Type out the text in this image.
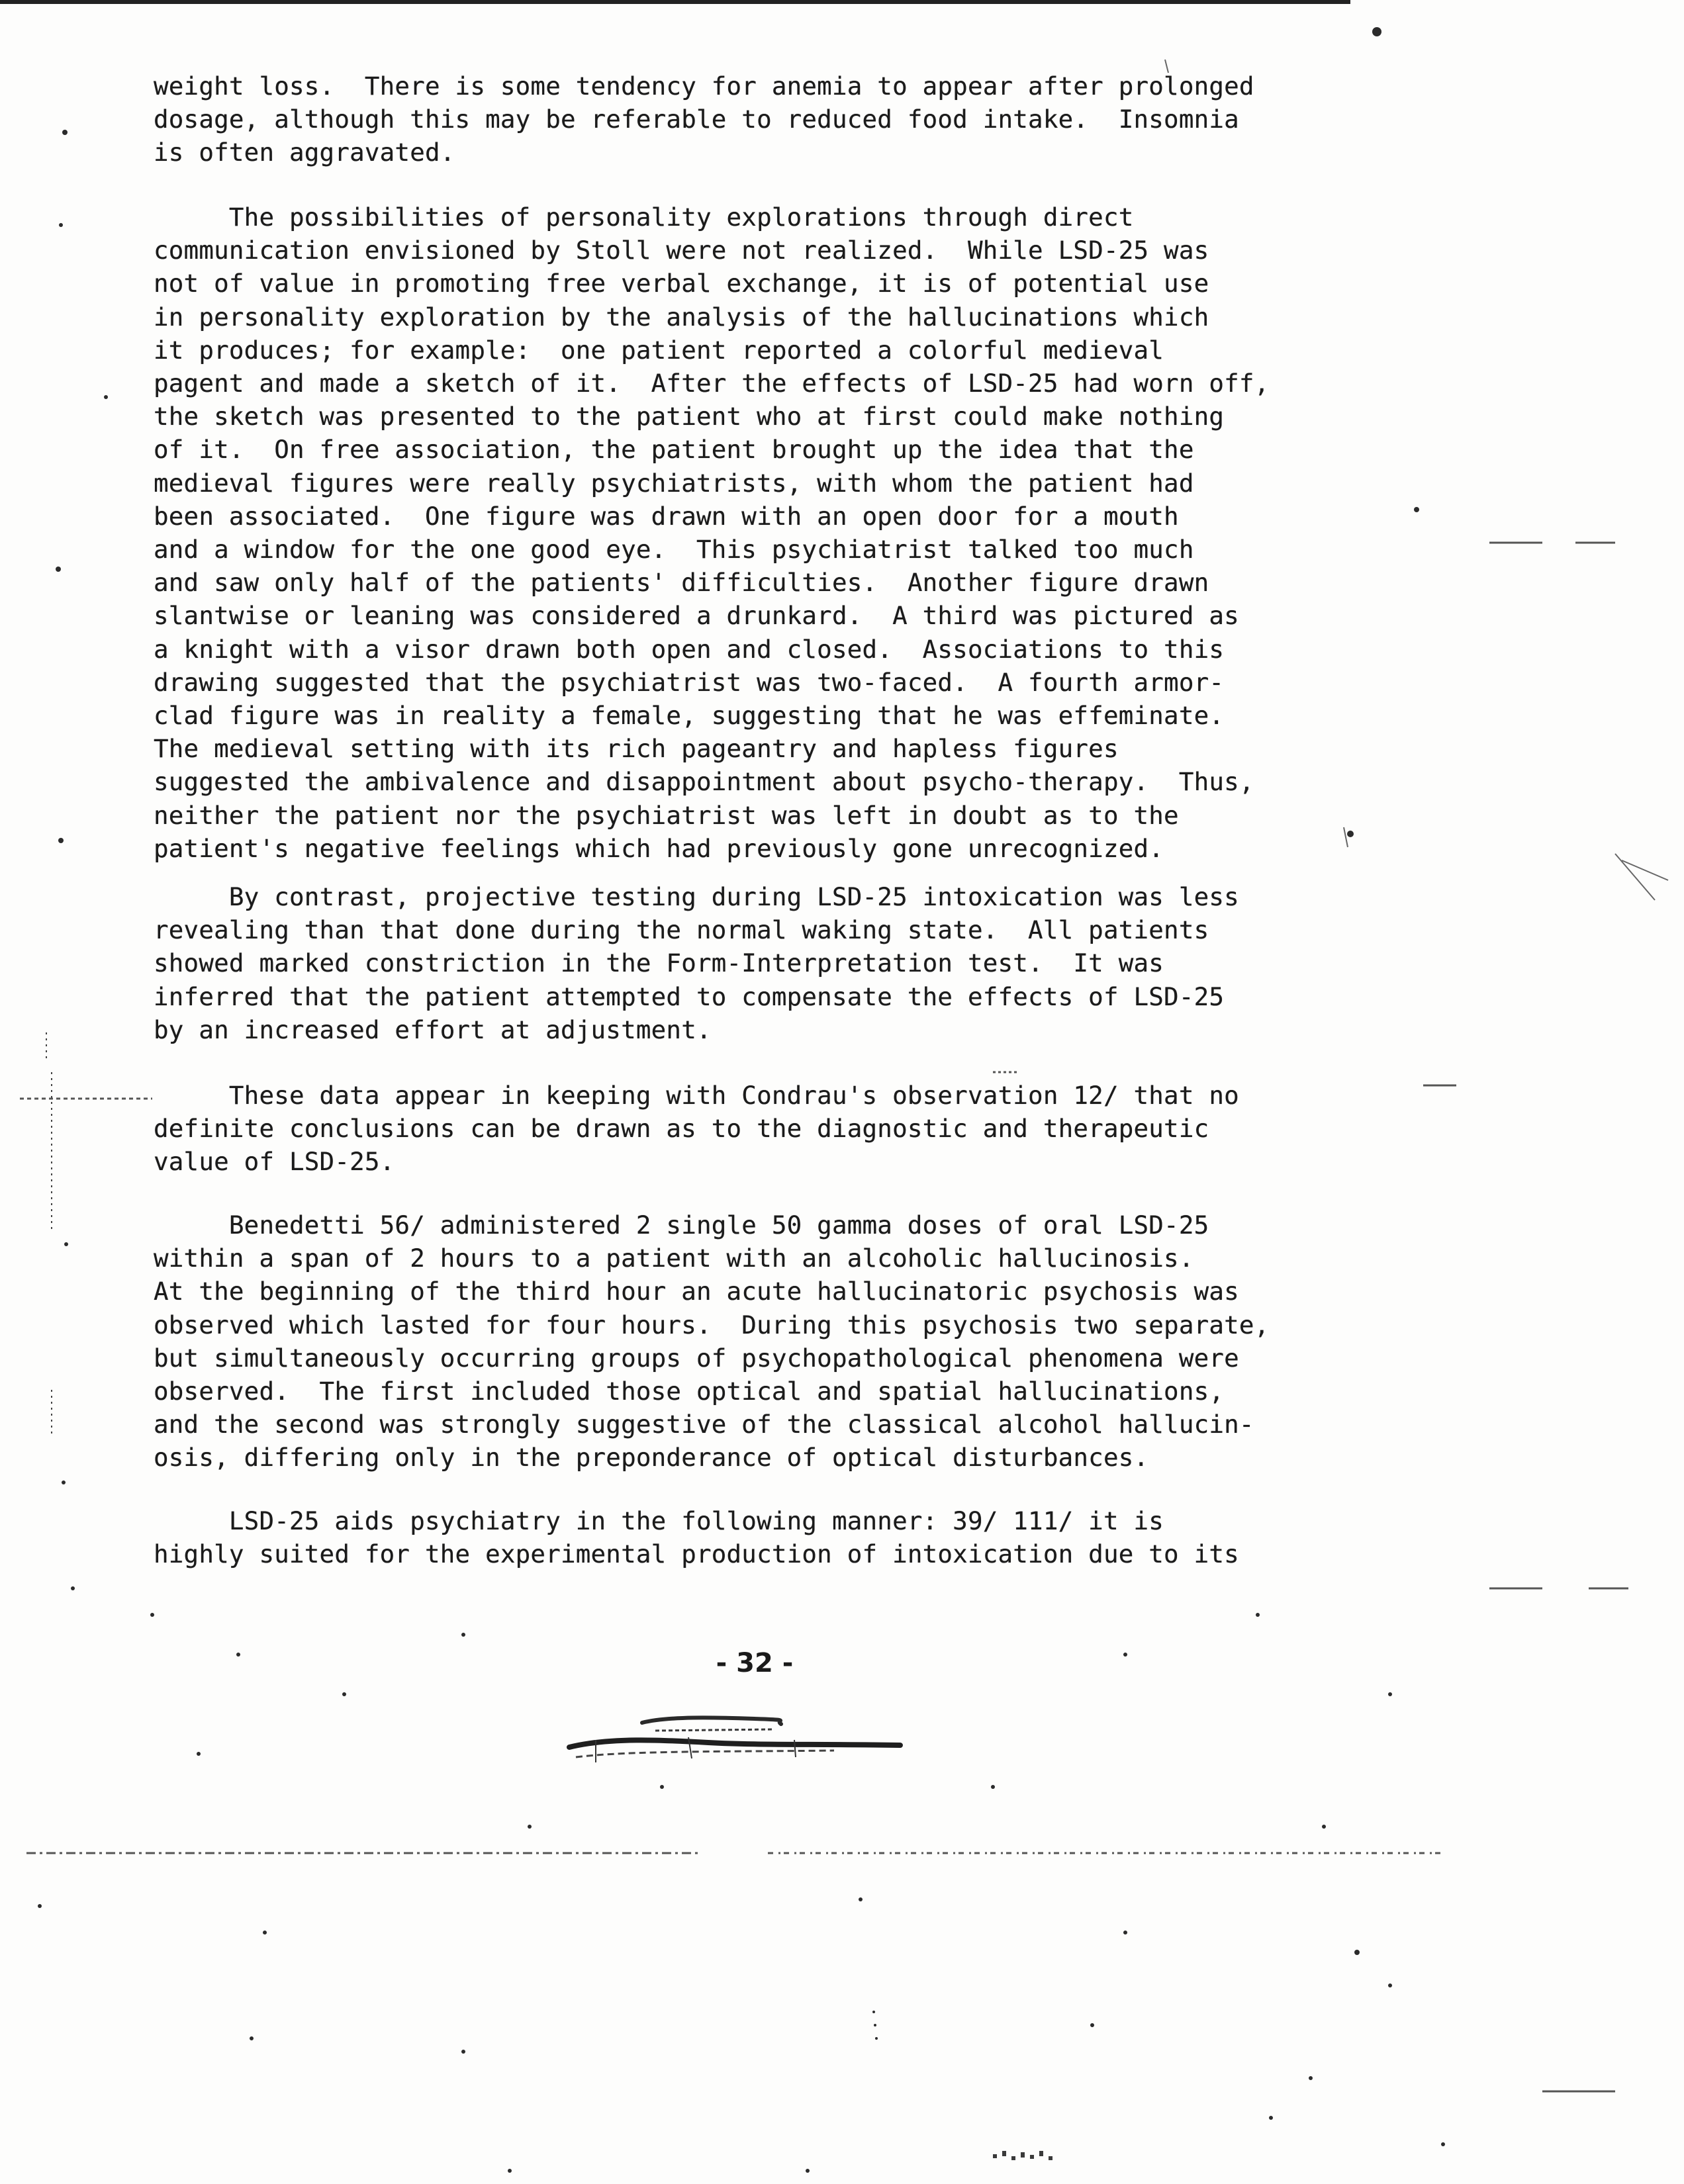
weight loss.  There is some tendency for anemia to appear after prolonged
dosage, although this may be referable to reduced food intake.  Insomnia
is often aggravated.
The possibilities of personality explorations through direct
communication envisioned by Stoll were not realized.  While LSD-25 was
not of value in promoting free verbal exchange, it is of potential use
in personality exploration by the analysis of the hallucinations which
it produces; for example:  one patient reported a colorful medieval
pagent and made a sketch of it.  After the effects of LSD-25 had worn off,
the sketch was presented to the patient who at first could make nothing
of it.  On free association, the patient brought up the idea that the
medieval figures were really psychiatrists, with whom the patient had
been associated.  One figure was drawn with an open door for a mouth
and a window for the one good eye.  This psychiatrist talked too much
and saw only half of the patients' difficulties.  Another figure drawn
slantwise or leaning was considered a drunkard.  A third was pictured as
a knight with a visor drawn both open and closed.  Associations to this
drawing suggested that the psychiatrist was two-faced.  A fourth armor-
clad figure was in reality a female, suggesting that he was effeminate.
The medieval setting with its rich pageantry and hapless figures
suggested the ambivalence and disappointment about psycho-therapy.  Thus,
neither the patient nor the psychiatrist was left in doubt as to the
patient's negative feelings which had previously gone unrecognized.
By contrast, projective testing during LSD-25 intoxication was less
revealing than that done during the normal waking state.  All patients
showed marked constriction in the Form-Interpretation test.  It was
inferred that the patient attempted to compensate the effects of LSD-25
by an increased effort at adjustment.
These data appear in keeping with Condrau's observation 12/ that no
definite conclusions can be drawn as to the diagnostic and therapeutic
value of LSD-25.
Benedetti 56/ administered 2 single 50 gamma doses of oral LSD-25
within a span of 2 hours to a patient with an alcoholic hallucinosis.
At the beginning of the third hour an acute hallucinatoric psychosis was
observed which lasted for four hours.  During this psychosis two separate,
but simultaneously occurring groups of psychopathological phenomena were
observed.  The first included those optical and spatial hallucinations,
and the second was strongly suggestive of the classical alcohol hallucin-
osis, differing only in the preponderance of optical disturbances.
LSD-25 aids psychiatry in the following manner: 39/ 111/ it is
highly suited for the experimental production of intoxication due to its
- 32 -
